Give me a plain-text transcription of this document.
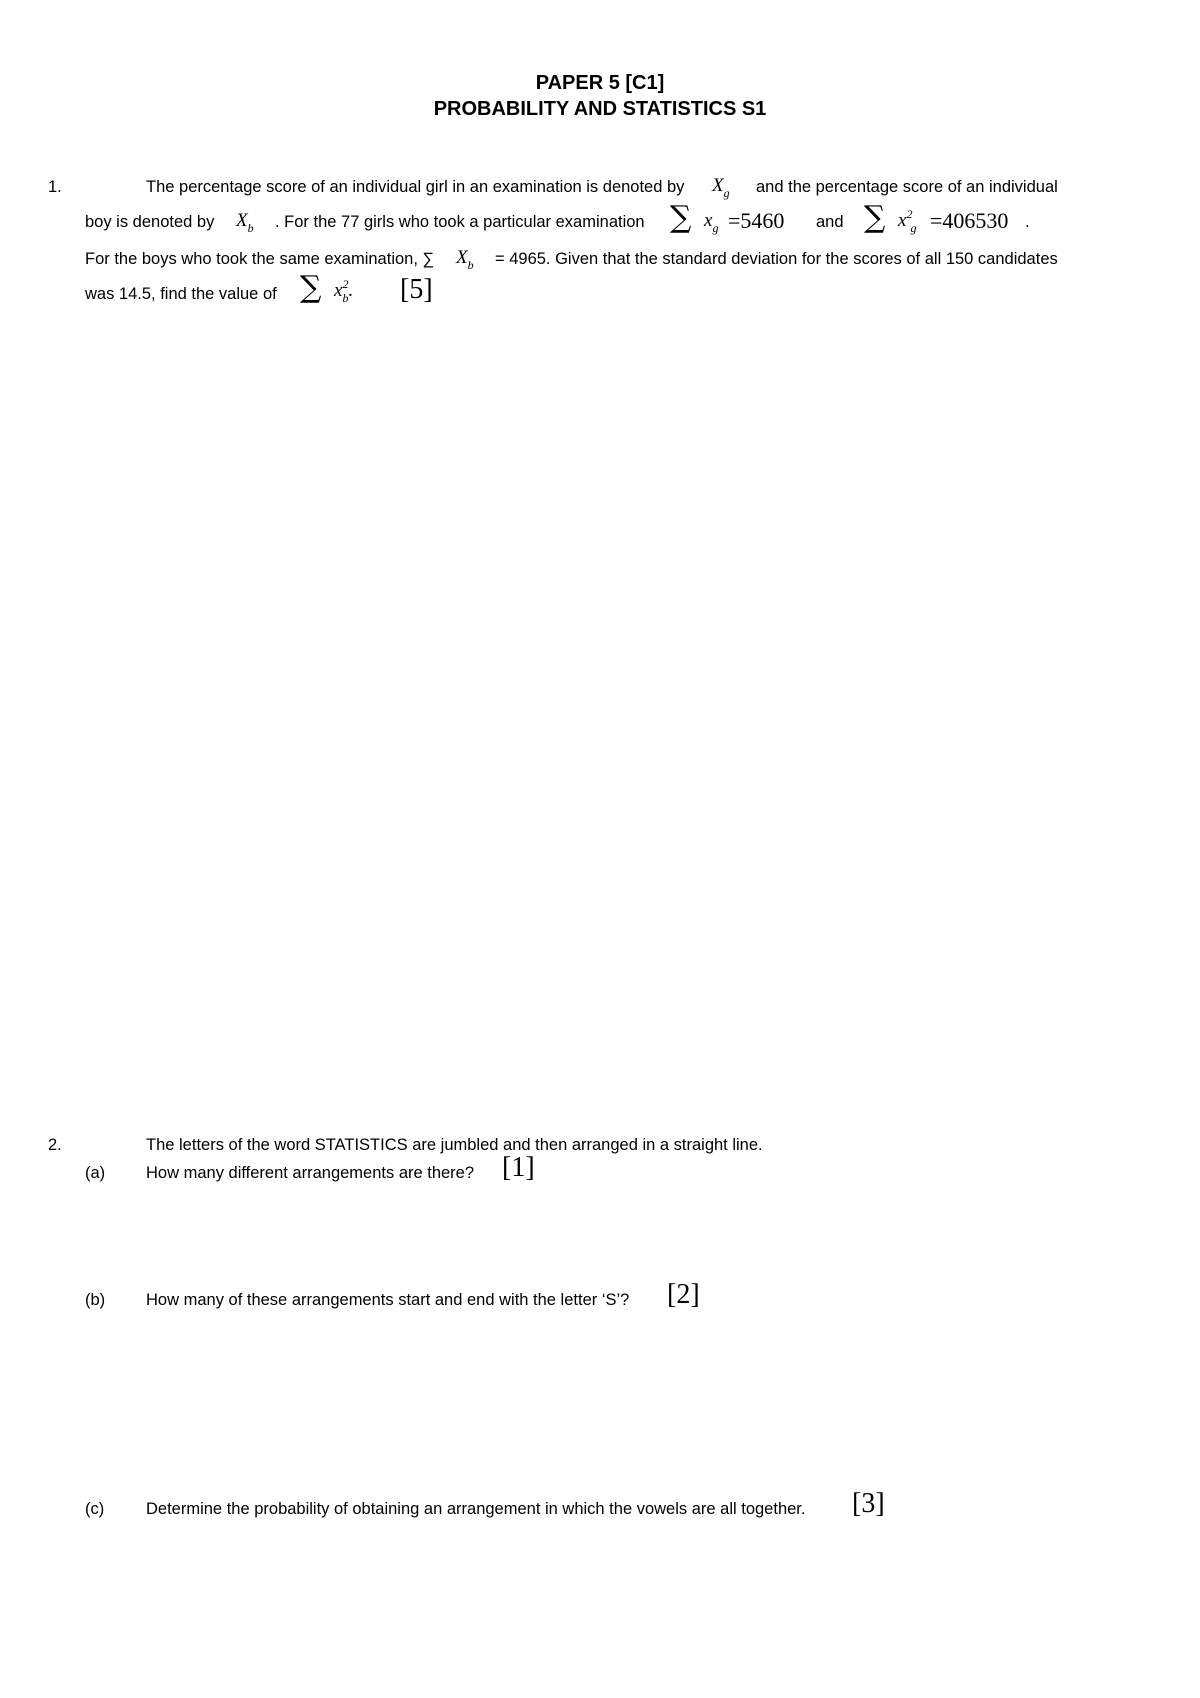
PAPER 5 [C1]
PROBABILITY AND STATISTICS S1
1.	The percentage score of an individual girl in an examination is denoted by $X_g$ and the percentage score of an individual
boy is denoted by $X_b$ . For the 77 girls who took a particular examination ∑ $x_g =5460$ and ∑ $x^2_g =406530$ .
For the boys who took the same examination, ∑ $X_b = 4965$. Given that the standard deviation for the scores of all 150 candidates
was 14.5, find the value of ∑ $x^2_b$. [5]
2.	The letters of the word STATISTICS are jumbled and then arranged in a straight line.
(a) How many different arrangements are there? [1]
(b) How many of these arrangements start and end with the letter ‘S’? [2]
(c)	Determine the probability of obtaining an arrangement in which the vowels are all together. [3]
